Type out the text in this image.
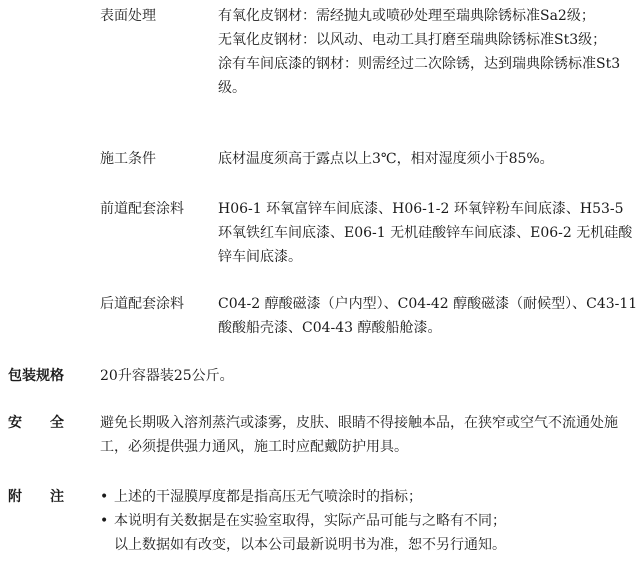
表面处理	有氧化皮钢材：需经抛丸或喷砂处理至瑞典除锈标准Sa2级；

无氧化皮钢材：以风动、电动工具打磨至瑞典除锈标准St3级；

涂有车间底漆的钢材：则需经过二次除锈，达到瑞典除锈标准St3级。

施工条件	底材温度须高于露点以上3℃，相对湿度须小于85%。
前道配套涂料	H06-1 环氧富锌车间底漆、H06-1-2 环氧锌粉车间底漆、H53-5 环氧铁红车间底漆、E06-1 无机硅酸锌车间底漆、E06-2 无机硅酸锌车间底漆。
后道配套涂料	C04-2 醇酸磁漆（户内型）、C04-42 醇酸磁漆（耐候型）、C43-11 酸酸船壳漆、C04-43 醇酸船舱漆。
包装规格	20升容器装25公斤。
安　　全	避免长期吸入溶剂蒸汽或漆雾，皮肤、眼睛不得接触本品，在狭窄或空气不流通处施工，必须提供强力通风，施工时应配戴防护用具。
附　　注	• 上述的干湿膜厚度都是指高压无气喷涂时的指标；
• 本说明有关数据是在实验室取得，实际产品可能与之略有不同；
以上数据如有改变，以本公司最新说明书为准，恕不另行通知。
